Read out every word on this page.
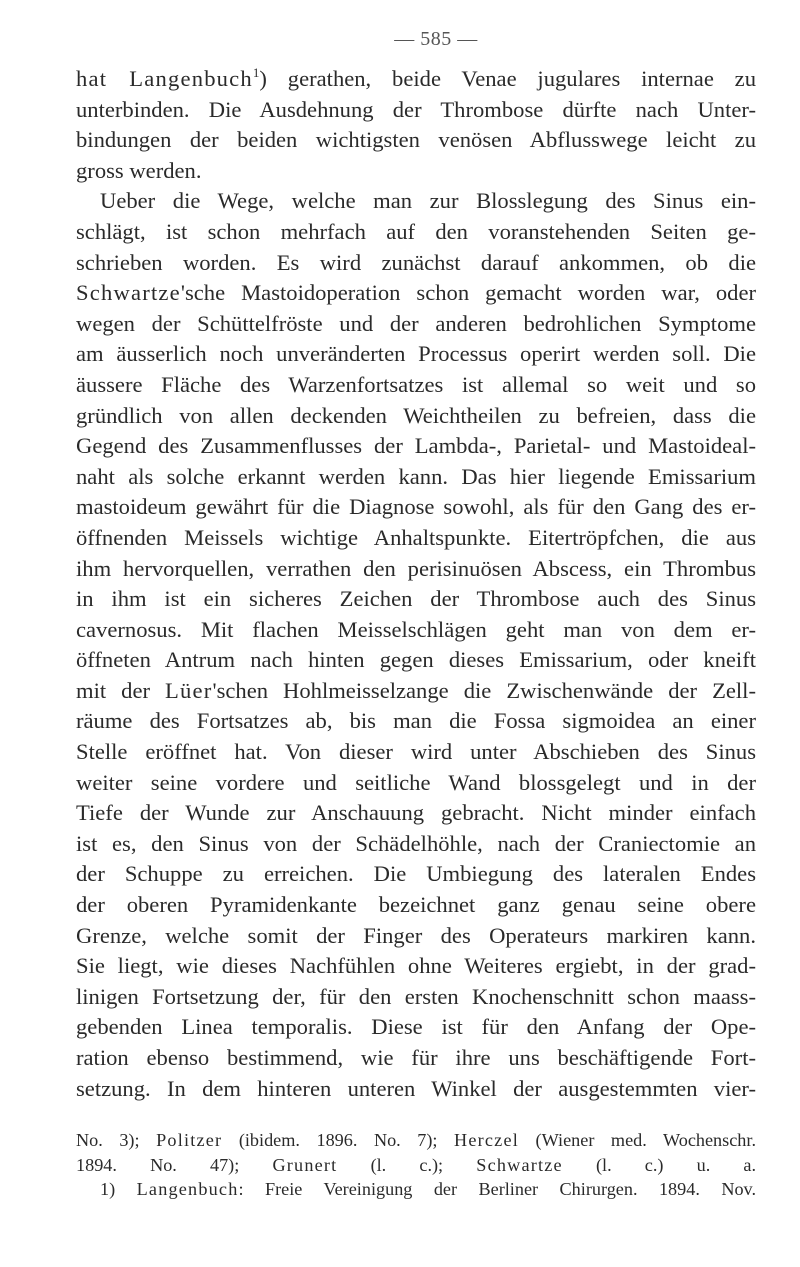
— 585 —
hat Langenbuch$^1$) gerathen, beide Venae jugulares internae zu
unterbinden. Die Ausdehnung der Thrombose dürfte nach Unter-
bindungen der beiden wichtigsten venösen Abflusswege leicht zu
gross werden.
Ueber die Wege, welche man zur Blosslegung des Sinus ein-
schlägt, ist schon mehrfach auf den voranstehenden Seiten ge-
schrieben worden. Es wird zunächst darauf ankommen, ob die
Schwartze'sche Mastoidoperation schon gemacht worden war, oder
wegen der Schüttelfröste und der anderen bedrohlichen Symptome
am äusserlich noch unveränderten Processus operirt werden soll. Die
äussere Fläche des Warzenfortsatzes ist allemal so weit und so
gründlich von allen deckenden Weichtheilen zu befreien, dass die
Gegend des Zusammenflusses der Lambda-, Parietal- und Mastoideal-
naht als solche erkannt werden kann. Das hier liegende Emissarium
mastoideum gewährt für die Diagnose sowohl, als für den Gang des er-
öffnenden Meissels wichtige Anhaltspunkte. Eitertröpfchen, die aus
ihm hervorquellen, verrathen den perisinuösen Abscess, ein Thrombus
in ihm ist ein sicheres Zeichen der Thrombose auch des Sinus
cavernosus. Mit flachen Meisselschlägen geht man von dem er-
öffneten Antrum nach hinten gegen dieses Emissarium, oder kneift
mit der Lüer'schen Hohlmeisselzange die Zwischenwände der Zell-
räume des Fortsatzes ab, bis man die Fossa sigmoidea an einer
Stelle eröffnet hat. Von dieser wird unter Abschieben des Sinus
weiter seine vordere und seitliche Wand blossgelegt und in der
Tiefe der Wunde zur Anschauung gebracht. Nicht minder einfach
ist es, den Sinus von der Schädelhöhle, nach der Craniectomie an
der Schuppe zu erreichen. Die Umbiegung des lateralen Endes
der oberen Pyramidenkante bezeichnet ganz genau seine obere
Grenze, welche somit der Finger des Operateurs markiren kann.
Sie liegt, wie dieses Nachfühlen ohne Weiteres ergiebt, in der grad-
linigen Fortsetzung der, für den ersten Knochenschnitt schon maass-
gebenden Linea temporalis. Diese ist für den Anfang der Ope-
ration ebenso bestimmend, wie für ihre uns beschäftigende Fort-
setzung. In dem hinteren unteren Winkel der ausgestemmten vier-
No. 3); Politzer (ibidem. 1896. No. 7); Herczel (Wiener med. Wochenschr.
1894. No. 47); Grunert (l. c.); Schwartze (l. c.) u. a.
1) Langenbuch: Freie Vereinigung der Berliner Chirurgen. 1894. Nov.
